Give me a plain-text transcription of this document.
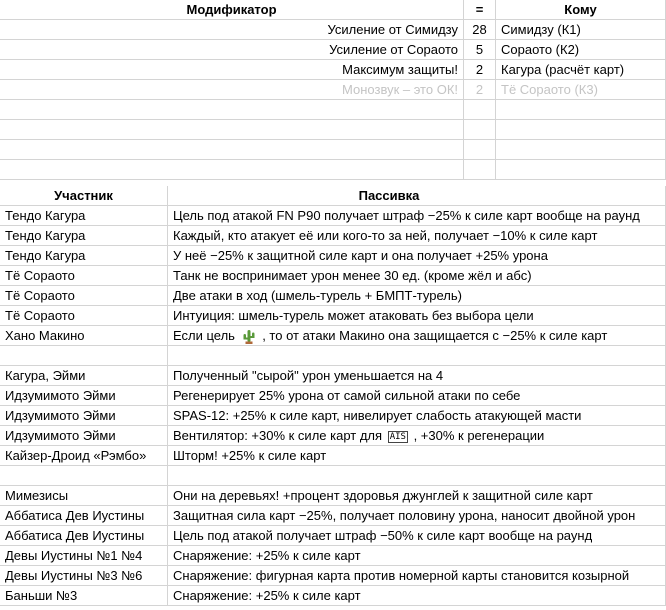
Модификатор	=	Кому
Усиление от Симидзу	28	Симидзу (К1)
Усиление от Сораото	5	Сораото (К2)
Максимум защиты!	2	Кагура (расчёт карт)
Монозвук – это ОК!	2	Тё Сораото (К3)
Участник	Пассивка
Тендо Кагура	Цель под атакой FN P90 получает штраф −25% к силе карт вообще на раунд
Тендо Кагура	Каждый, кто атакует её или кого-то за ней, получает −10% к силе карт
Тендо Кагура	У неё −25% к защитной силе карт и она получает +25% урона
Тё Сораото	Танк не воспринимает урон менее 30 ед. (кроме жёл и абс)
Тё Сораото	Две атаки в ход (шмель-турель + БМПТ-турель)
Тё Сораото	Интуиция: шмель-турель может атаковать без выбора цели
Хано Макино	Если цель , то от атаки Макино она защищается с −25% к силе карт
Кагура, Эйми	Полученный "сырой" урон уменьшается на 4
Идзумимото Эйми	Регенерирует 25% урона от самой сильной атаки по себе
Идзумимото Эйми	SPAS-12: +25% к силе карт, нивелирует слабость атакующей масти
Идзумимото Эйми	Вентилятор: +30% к силе карт для AIS , +30% к регенерации
Кайзер-Дроид «Рэмбо»	Шторм! +25% к силе карт
Мимезисы	Они на деревьях! +процент здоровья джунглей к защитной силе карт
Аббатиса Дев Иустины	Защитная сила карт −25%, получает половину урона, наносит двойной урон
Аббатиса Дев Иустины	Цель под атакой получает штраф −50% к силе карт вообще на раунд
Девы Иустины №1 №4	Снаряжение: +25% к силе карт
Девы Иустины №3 №6	Снаряжение: фигурная карта против номерной карты становится козырной
Баньши №3	Снаряжение: +25% к силе карт
